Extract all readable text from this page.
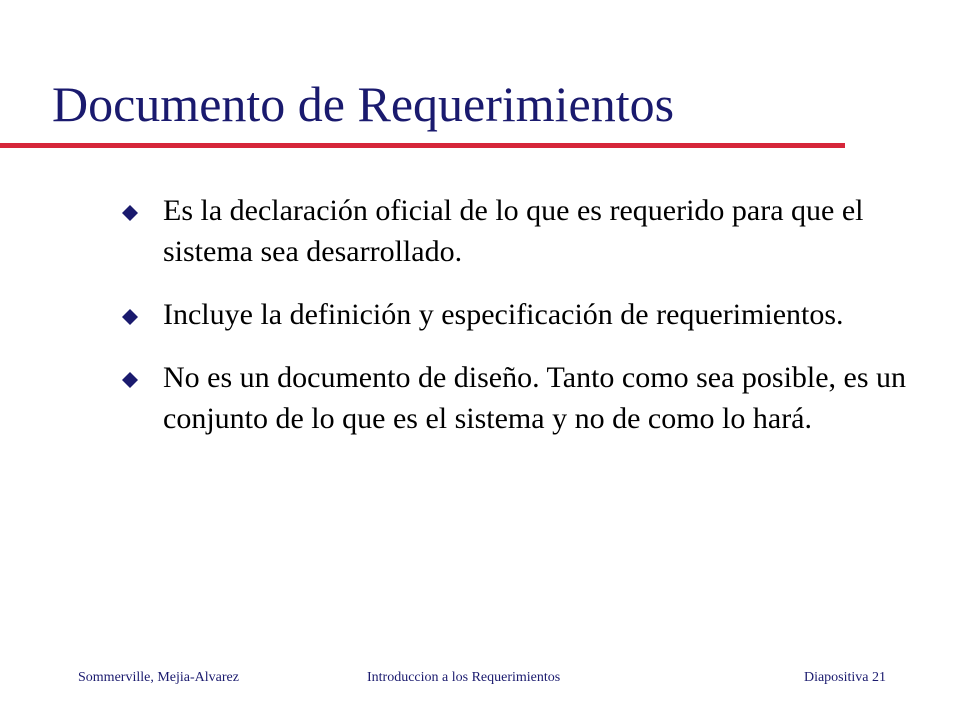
Documento de Requerimientos
Es la declaración oficial de lo que es requerido para que el sistema sea desarrollado.
Incluye la definición y especificación de requerimientos.
No es un documento de diseño. Tanto como sea posible, es un conjunto de lo que es el sistema y no de como lo hará.
Sommerville, Mejia-Alvarez	Introduccion a los Requerimientos	Diapositiva 21
